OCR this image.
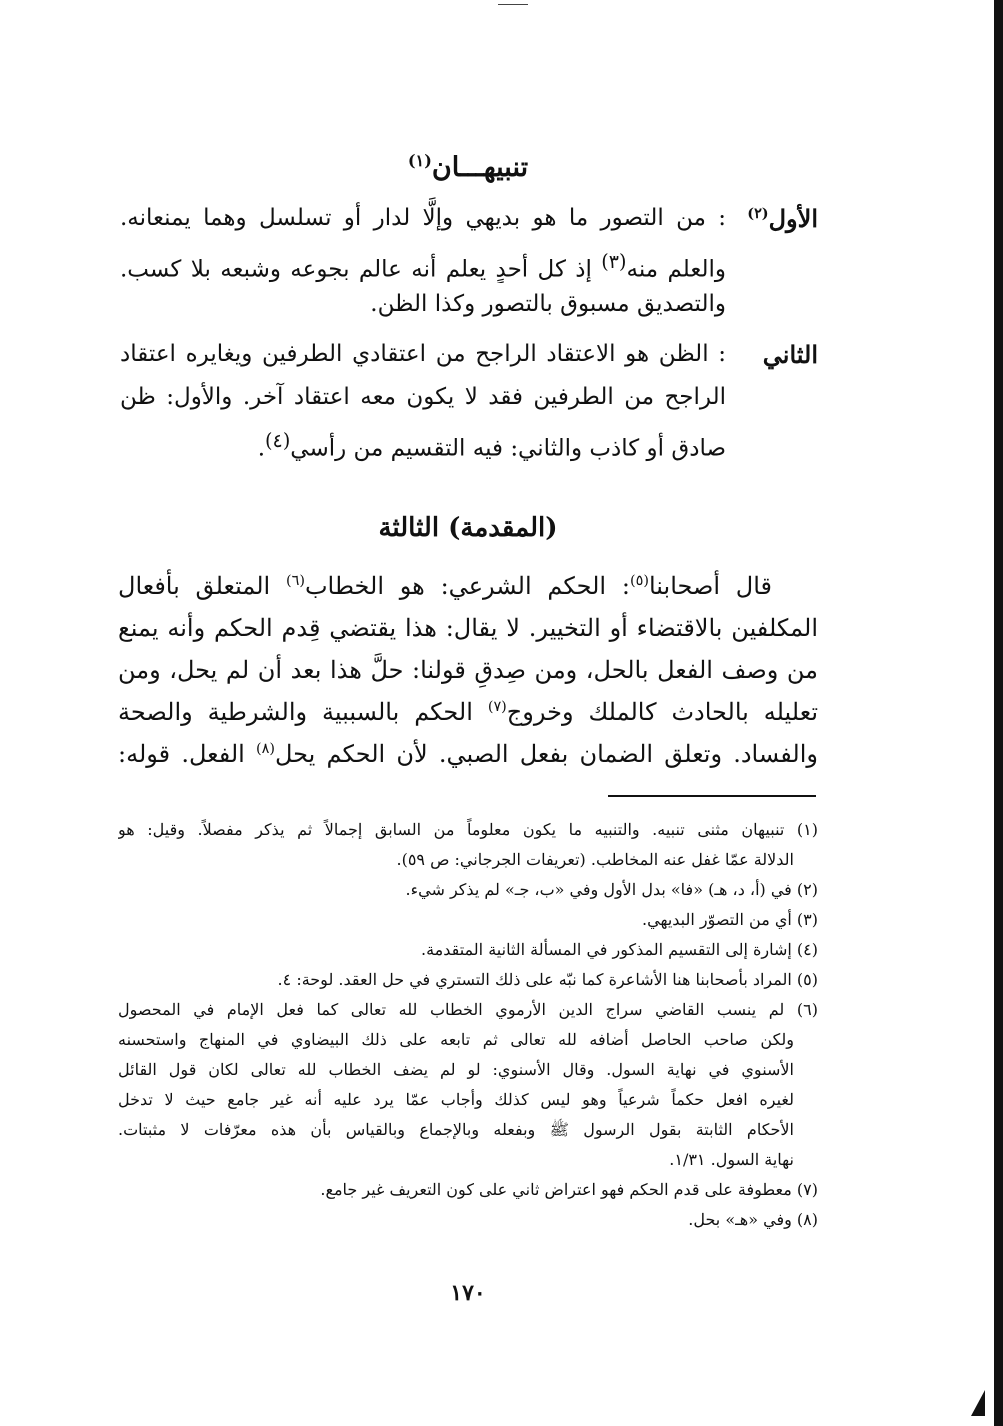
تنبيهـــان$^{(١)}$
الأول$^{(٢)}$
: من التصور ما هو بديهي وإلَّا لدار أو تسلسل وهما يمنعانه.
والعلم منه$^{(٣)}$ إذ كل أحدٍ يعلم أنه عالم بجوعه وشبعه بلا كسب.
والتصديق مسبوق بالتصور وكذا الظن.
الثاني
: الظن هو الاعتقاد الراجح من اعتقادي الطرفين ويغايره اعتقاد
الراجح من الطرفين فقد لا يكون معه اعتقاد آخر. والأول: ظن
صادق أو كاذب والثاني: فيه التقسيم من رأسي$^{(٤)}$.
(المقدمة) الثالثة
قال أصحابنا$^{(٥)}$: الحكم الشرعي: هو الخطاب$^{(٦)}$ المتعلق بأفعال
المكلفين بالاقتضاء أو التخيير. لا يقال: هذا يقتضي قِدم الحكم وأنه يمنع
من وصف الفعل بالحل، ومن صِدقِ قولنا: حلَّ هذا بعد أن لم يحل، ومن
تعليله بالحادث كالملك وخروج$^{(٧)}$ الحكم بالسببية والشرطية والصحة
والفساد. وتعلق الضمان بفعل الصبي. لأن الحكم يحل$^{(٨)}$ الفعل. قوله:
(١) تنبيهان مثنى تنبيه. والتنبيه ما يكون معلوماً من السابق إجمالاً ثم يذكر مفصلاً. وقيل: هو
الدلالة عمّا غفل عنه المخاطب. (تعريفات الجرجاني: ص ٥٩).
(٢) في (أ، د، هـ) «فا» بدل الأول وفي «ب، جـ» لم يذكر شيء.
(٣) أي من التصوّر البديهي.
(٤) إشارة إلى التقسيم المذكور في المسألة الثانية المتقدمة.
(٥) المراد بأصحابنا هنا الأشاعرة كما نبّه على ذلك التستري في حل العقد. لوحة: ٤.
(٦) لم ينسب القاضي سراج الدين الأرموي الخطاب لله تعالى كما فعل الإمام في المحصول
ولكن صاحب الحاصل أضافه لله تعالى ثم تابعه على ذلك البيضاوي في المنهاج واستحسنه
الأسنوي في نهاية السول. وقال الأسنوي: لو لم يضف الخطاب لله تعالى لكان قول القائل
لغيره افعل حكماً شرعياً وهو ليس كذلك وأجاب عمّا يرد عليه أنه غير جامع حيث لا تدخل
الأحكام الثابتة بقول الرسول ﷺ وبفعله وبالإجماع وبالقياس بأن هذه معرّفات لا مثبتات.
نهاية السول. ١/٣١.
(٧) معطوفة على قدم الحكم فهو اعتراض ثاني على كون التعريف غير جامع.
(٨) وفي «هـ» بحل.
١٧٠
